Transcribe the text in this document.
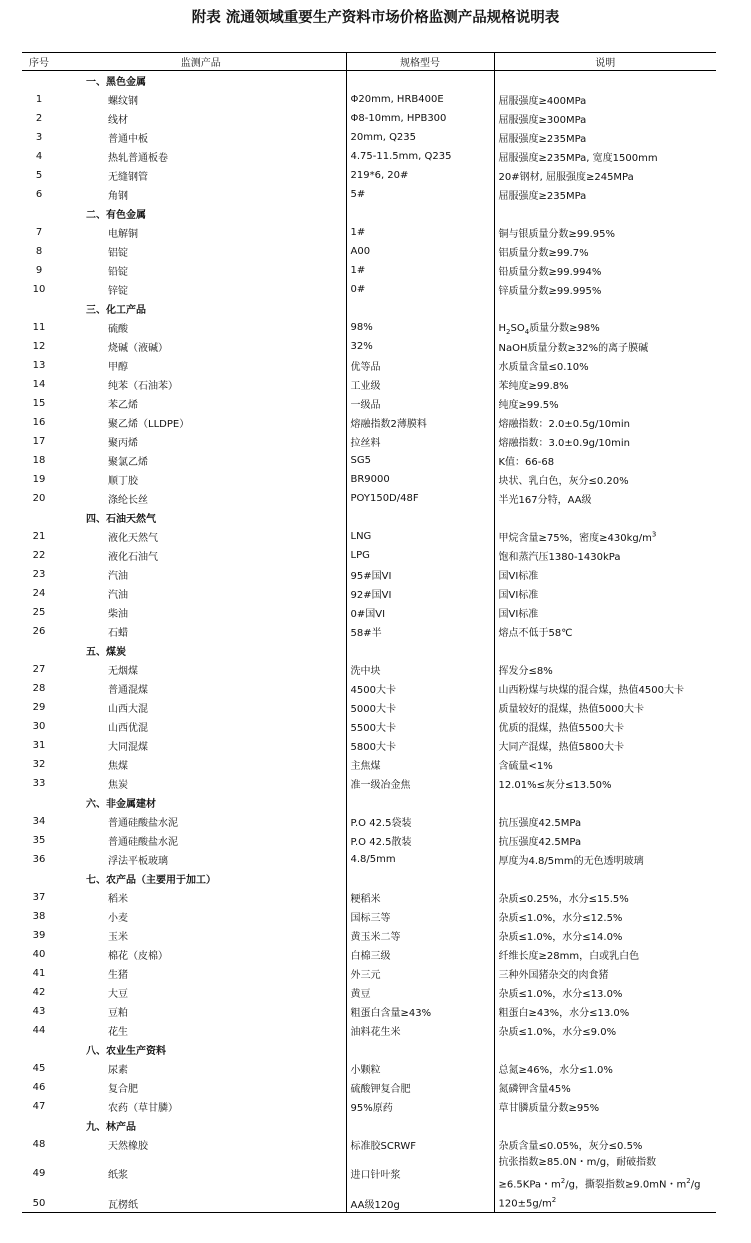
附表 流通领域重要生产资料市场价格监测产品规格说明表
序号	监测产品	规格型号	说明
	一、黑色金属		
1	螺纹钢	Φ20mm, HRB400E	屈服强度≥400MPa
2	线材	Φ8-10mm, HPB300	屈服强度≥300MPa
3	普通中板	20mm, Q235	屈服强度≥235MPa
4	热轧普通板卷	4.75-11.5mm, Q235	屈服强度≥235MPa, 宽度1500mm
5	无缝钢管	219*6, 20#	20#钢材, 屈服强度≥245MPa
6	角钢	5#	屈服强度≥235MPa
	二、有色金属		
7	电解铜	1#	铜与银质量分数≥99.95%
8	铝锭	A00	铝质量分数≥99.7%
9	铅锭	1#	铅质量分数≥99.994%
10	锌锭	0#	锌质量分数≥99.995%
	三、化工产品		
11	硫酸	98%	$H_2SO_4$质量分数≥98%
12	烧碱（液碱）	32%	NaOH质量分数≥32%的离子膜碱
13	甲醇	优等品	水质量含量≤0.10%
14	纯苯（石油苯）	工业级	苯纯度≥99.8%
15	苯乙烯	一级品	纯度≥99.5%
16	聚乙烯（LLDPE）	熔融指数2薄膜料	熔融指数：2.0±0.5g/10min
17	聚丙烯	拉丝料	熔融指数：3.0±0.9g/10min
18	聚氯乙烯	SG5	K值：66-68
19	顺丁胶	BR9000	块状、乳白色，灰分≤0.20%
20	涤纶长丝	POY150D/48F	半光167分特，AA级
	四、石油天然气		
21	液化天然气	LNG	甲烷含量≥75%，密度$\ge 430kg/m^3$
22	液化石油气	LPG	饱和蒸汽压1380-1430kPa
23	汽油	95#国VI	国VI标准
24	汽油	92#国VI	国VI标准
25	柴油	0#国VI	国VI标准
26	石蜡	58#半	熔点不低于58℃
	五、煤炭		
27	无烟煤	洗中块	挥发分≤8%
28	普通混煤	4500大卡	山西粉煤与块煤的混合煤，热值4500大卡
29	山西大混	5000大卡	质量较好的混煤，热值5000大卡
30	山西优混	5500大卡	优质的混煤，热值5500大卡
31	大同混煤	5800大卡	大同产混煤，热值5800大卡
32	焦煤	主焦煤	含硫量<1%
33	焦炭	准一级冶金焦	12.01%≤灰分≤13.50%
	六、非金属建材		
34	普通硅酸盐水泥	P.O 42.5袋装	抗压强度42.5MPa
35	普通硅酸盐水泥	P.O 42.5散装	抗压强度42.5MPa
36	浮法平板玻璃	4.8/5mm	厚度为4.8/5mm的无色透明玻璃
	七、农产品（主要用于加工）		
37	稻米	粳稻米	杂质≤0.25%，水分≤15.5%
38	小麦	国标三等	杂质≤1.0%，水分≤12.5%
39	玉米	黄玉米二等	杂质≤1.0%，水分≤14.0%
40	棉花（皮棉）	白棉三级	纤维长度≥28mm，白或乳白色
41	生猪	外三元	三种外国猪杂交的肉食猪
42	大豆	黄豆	杂质≤1.0%，水分≤13.0%
43	豆粕	粗蛋白含量≥43%	粗蛋白≥43%，水分≤13.0%
44	花生	油料花生米	杂质≤1.0%，水分≤9.0%
	八、农业生产资料		
45	尿素	小颗粒	总氮≥46%，水分≤1.0%
46	复合肥	硫酸钾复合肥	氮磷钾含量45%
47	农药（草甘膦）	95%原药	草甘膦质量分数≥95%
	九、林产品		
48	天然橡胶	标准胶SCRWF	杂质含量≤0.05%，灰分≤0.5%
49	纸浆	进口针叶浆	抗张指数≥85.0N・m/g，耐破指数
≥6.5KPa・$m^2/g$，撕裂指数≥9.0mN・$m^2/g$

50	瓦楞纸	AA级120g	$120\pm 5g/m^2$
